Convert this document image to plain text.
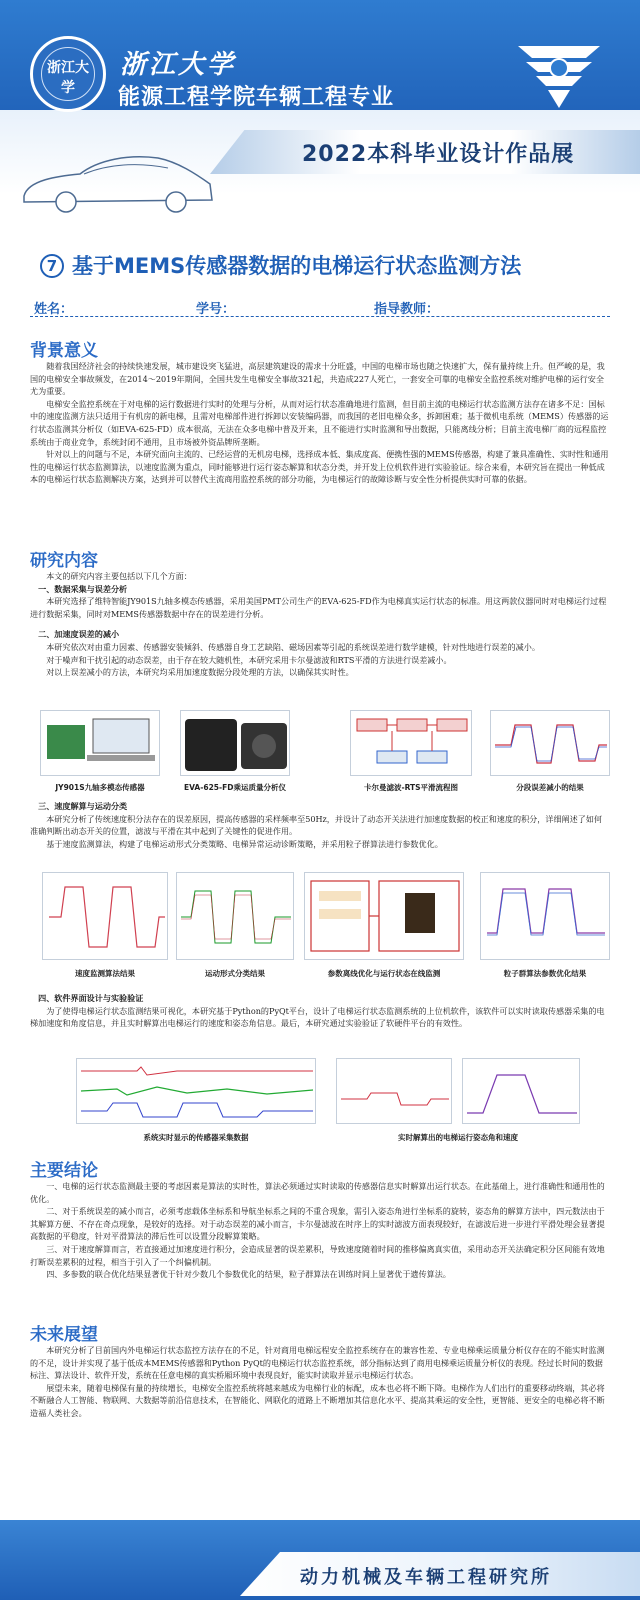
浙江大学
浙江大学
能源工程学院车辆工程专业
2022本科毕业设计作品展
7 基于MEMS传感器数据的电梯运行状态监测方法
姓名：	学号：	指导教师：
背景意义

随着我国经济社会的持续快速发展，城市建设突飞猛进，高层建筑建设的需求十分旺盛，中国的电梯市场也随之快速扩大，保有量持续上升。但严峻的是，我国的电梯安全事故频发，在2014～2019年期间，全国共发生电梯安全事故321起，共造成227人死亡，一套安全可靠的电梯安全监控系统对维护电梯的运行安全尤为重要。

电梯安全监控系统在于对电梯的运行数据进行实时的处理与分析，从而对运行状态准确地进行监测，但目前主流的电梯运行状态监测方法存在诸多不足：国标中的速度监测方法只适用于有机房的新电梯，且需对电梯部件进行拆卸以安装编码器，而我国的老旧电梯众多，拆卸困难；基于微机电系统（MEMS）传感器的运行状态监测其分析仪（如EVA-625-FD）成本很高，无法在众多电梯中普及开来，且不能进行实时监测和导出数据，只能离线分析；目前主流电梯厂商的远程监控系统由于商业竞争，系统封闭不通用，且市场被外资品牌所垄断。

针对以上的问题与不足，本研究面向主流的、已经运营的无机房电梯，选择成本低、集成度高、便携性强的MEMS传感器，构建了兼具准确性、实时性和通用性的电梯运行状态监测算法，以速度监测为重点，同时能够进行运行姿态解算和状态分类，并开发上位机软件进行实验验证。综合来看，本研究旨在提出一种低成本的电梯运行状态监测解决方案，达到并可以替代主流商用监控系统的部分功能，为电梯运行的故障诊断与安全性分析提供实时可靠的依据。

研究内容

本文的研究内容主要包括以下几个方面：

一、数据采集与误差分析

本研究选择了维特智能JY901S九轴多模态传感器，采用美国PMT公司生产的EVA-625-FD作为电梯真实运行状态的标准。用这两款仪器同时对电梯运行过程进行数据采集，同时对MEMS传感器数据中存在的误差进行分析。

二、加速度误差的减小

本研究依次对由重力因素、传感器安装倾斜、传感器自身工艺缺陷、磁场因素等引起的系统误差进行数学建模，针对性地进行误差的减小。

对于噪声和干扰引起的动态误差，由于存在较大随机性，本研究采用卡尔曼滤波和RTS平滑的方法进行误差减小。

对以上误差减小的方法，本研究均采用加速度数据分段处理的方法，以确保其实时性。

JY901S九轴多模态传感器	EVA-625-FD乘运质量分析仪	卡尔曼滤波-RTS平滑流程图	分段误差减小的结果
三、速度解算与运动分类

本研究分析了传统速度积分法存在的误差原因，提高传感器的采样频率至50Hz，并设计了动态开关法进行加速度数据的校正和速度的积分，详细阐述了如何准确判断出动态开关的位置，滤波与平滑在其中起到了关键性的促进作用。

基于速度监测算法，构建了电梯运动形式分类策略、电梯异常运动诊断策略，并采用粒子群算法进行参数优化。

速度监测算法结果	运动形式分类结果	参数离线优化与运行状态在线监测	粒子群算法参数优化结果
四、软件界面设计与实验验证

为了使得电梯运行状态监测结果可视化，本研究基于Python的PyQt平台，设计了电梯运行状态监测系统的上位机软件，该软件可以实时读取传感器采集的电梯加速度和角度信息，并且实时解算出电梯运行的速度和姿态角信息。最后，本研究通过实验验证了软硬件平台的有效性。

系统实时显示的传感器采集数据	实时解算出的电梯运行姿态角和速度
主要结论

一、电梯的运行状态监测最主要的考虑因素是算法的实时性，算法必须通过实时读取的传感器信息实时解算出运行状态。在此基础上，进行准确性和通用性的优化。

二、对于系统误差的减小而言，必须考虑载体坐标系和导航坐标系之间的不重合现象，需引入姿态角进行坐标系的旋转，姿态角的解算方法中，四元数法由于其解算方便、不存在奇点现象，是较好的选择。对于动态误差的减小而言，卡尔曼滤波在时序上的实时滤波方面表现较好，在滤波后进一步进行平滑处理会显著提高数据的平稳度，针对平滑算法的滞后性可以设置分段解算策略。

三、对于速度解算而言，若直接通过加速度进行积分，会造成显著的误差累积，导致速度随着时间的推移偏离真实值，采用动态开关法确定积分区间能有效地打断误差累积的过程，相当于引入了一个纠偏机制。

四、多参数的联合优化结果显著优于针对少数几个参数优化的结果，粒子群算法在训练时间上显著优于遗传算法。

未来展望

本研究分析了目前国内外电梯运行状态监控方法存在的不足，针对商用电梯远程安全监控系统存在的兼容性差、专业电梯乘运质量分析仪存在的不能实时监测的不足，设计并实现了基于低成本MEMS传感器和Python PyQt的电梯运行状态监控系统，部分指标达到了商用电梯乘运质量分析仪的表现。经过长时间的数据标注、算法设计、软件开发，系统在任意电梯的真实桥厢环境中表现良好，能实时读取并显示电梯运行状态。

展望未来，随着电梯保有量的持续增长，电梯安全监控系统将越来越成为电梯行业的标配，成本也必将不断下降。电梯作为人们出行的重要移动终端，其必将不断融合人工智能、物联网、大数据等前沿信息技术，在智能化、网联化的道路上不断增加其信息化水平、提高其乘运的安全性，更智能、更安全的电梯必将不断造福人类社会。

动力机械及车辆工程研究所
